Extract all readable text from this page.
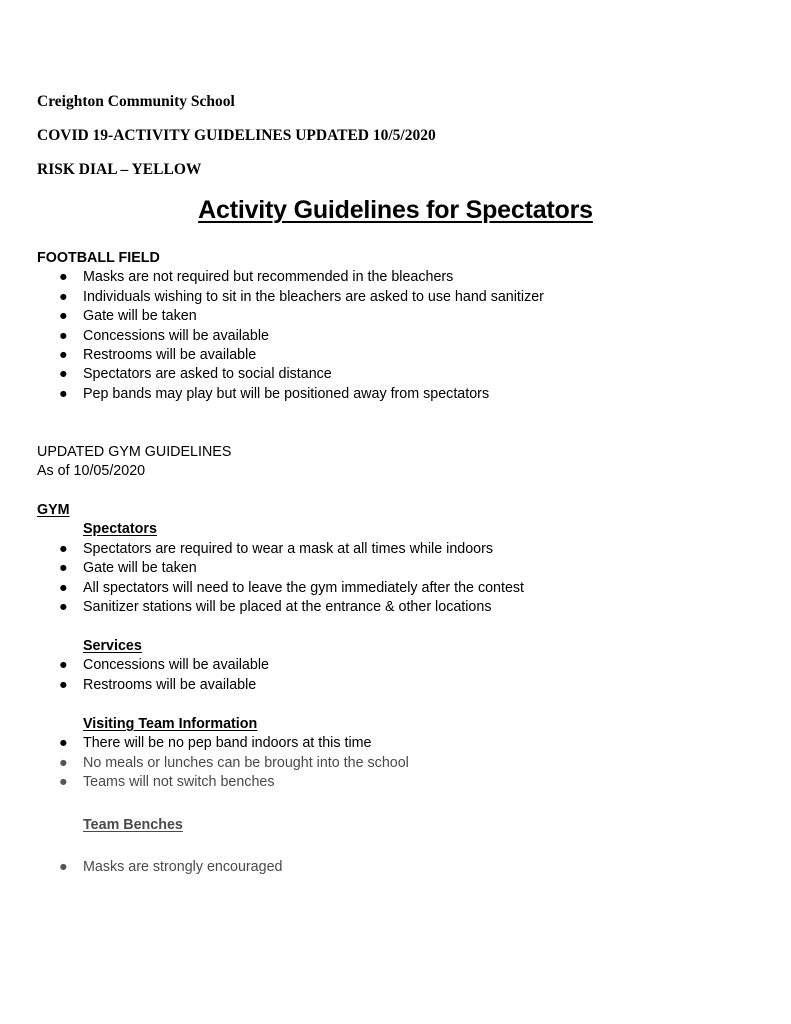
Creighton Community School
COVID 19-ACTIVITY GUIDELINES UPDATED 10/5/2020
RISK DIAL – YELLOW
Activity Guidelines for Spectators
FOOTBALL FIELD
● Masks are not required but recommended in the bleachers
● Individuals wishing to sit in the bleachers are asked to use hand sanitizer
● Gate will be taken
● Concessions will be available
● Restrooms will be available
● Spectators are asked to social distance
● Pep bands may play but will be positioned away from spectators
UPDATED GYM GUIDELINES
As of 10/05/2020
GYM
Spectators
● Spectators are required to wear a mask at all times while indoors
● Gate will be taken
● All spectators will need to leave the gym immediately after the contest
● Sanitizer stations will be placed at the entrance & other locations
Services
● Concessions will be available
● Restrooms will be available
Visiting Team Information
● There will be no pep band indoors at this time
● No meals or lunches can be brought into the school
● Teams will not switch benches
Team Benches
● Masks are strongly encouraged
